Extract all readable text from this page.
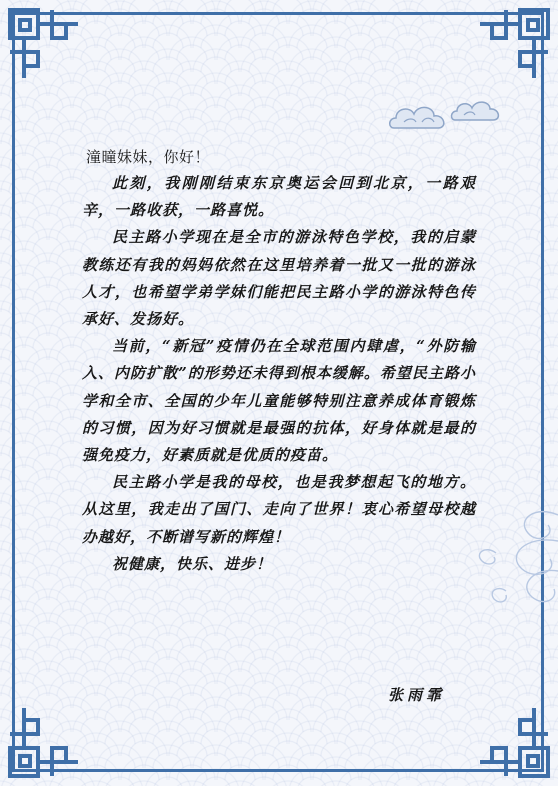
潼曈妹妹，你好！

此刻，我刚刚结束东京奥运会回到北京，一路艰辛，一路收获，一路喜悦。

民主路小学现在是全市的游泳特色学校，我的启蒙教练还有我的妈妈依然在这里培养着一批又一批的游泳人才，也希望学弟学妹们能把民主路小学的游泳特色传承好、发扬好。

当前，“新冠”疫情仍在全球范围内肆虐，“外防输入、内防扩散”的形势还未得到根本缓解。希望民主路小学和全市、全国的少年儿童能够特别注意养成体育锻炼的习惯，因为好习惯就是最强的抗体，好身体就是最的强免疫力，好素质就是优质的疫苗。

民主路小学是我的母校，也是我梦想起飞的地方。从这里，我走出了国门、走向了世界！衷心希望母校越办越好，不断谱写新的辉煌！

祝健康，快乐、进步！

张雨霏
